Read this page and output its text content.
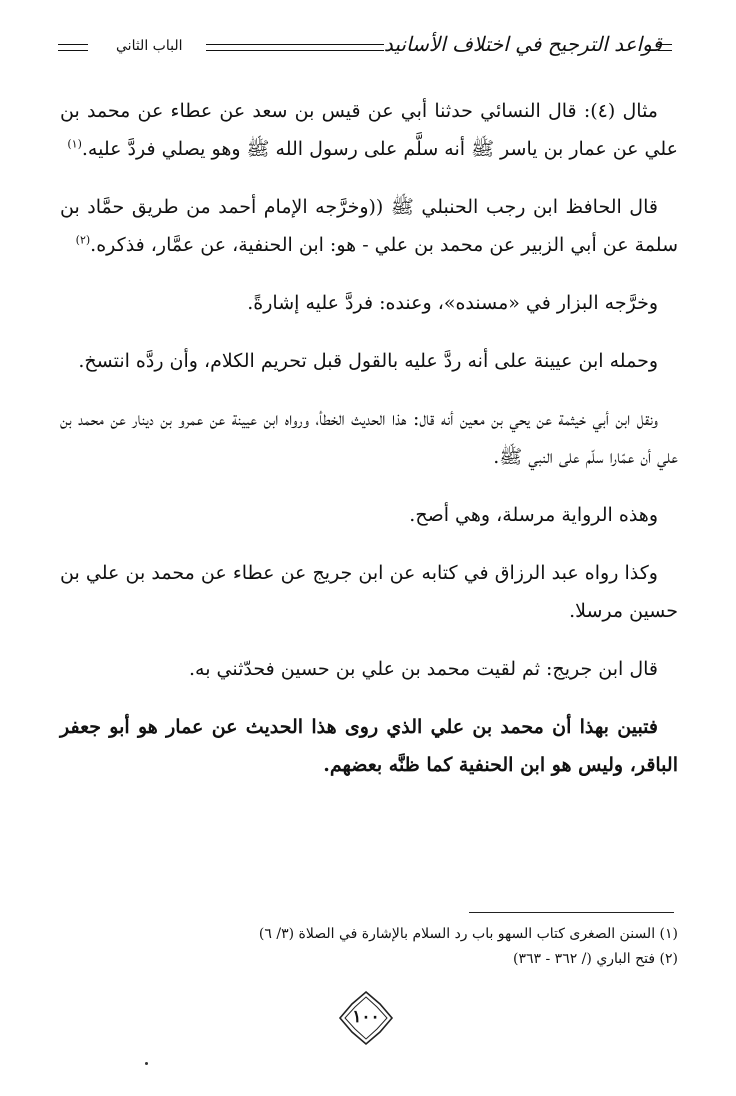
قواعد الترجيح في اختلاف الأسانيد
الباب الثاني

مثال (٤): قال النسائي حدثنا أبي عن قيس بن سعد عن عطاء عن محمد بن علي عن عمار بن ياسر ﷺ أنه سلَّم على رسول الله ﷺ وهو يصلي فردَّ عليه.$^{(١)}$

قال الحافظ ابن رجب الحنبلي ﷺ ((وخرَّجه الإمام أحمد من طريق حمَّاد بن سلمة عن أبي الزبير عن محمد بن علي - هو: ابن الحنفية، عن عمَّار، فذكره.$^{(٢)}$

وخرَّجه البزار في «مسنده»، وعنده: فردَّ عليه إشارةً.

وحمله ابن عيينة على أنه ردَّ عليه بالقول قبل تحريم الكلام، وأن ردَّه انتسخ.

ونقل ابن أبي خيثمة عن يحي بن معين أنه قال: هذا الحديث الخطأ، ورواه ابن عيينة عن عمرو بن دينار عن محمد بن علي أن عمّارا سلّم على النبي ﷺ.

وهذه الرواية مرسلة، وهي أصح.

وكذا رواه عبد الرزاق في كتابه عن ابن جريج عن عطاء عن محمد بن علي بن حسين مرسلا.

قال ابن جريج: ثم لقيت محمد بن علي بن حسين فحدّثني به.

فتبين بهذا أن محمد بن علي الذي روى هذا الحديث عن عمار هو أبو جعفر الباقر، وليس هو ابن الحنفية كما ظنَّه بعضهم.

(١) السنن الصغرى كتاب السهو باب رد السلام بالإشارة في الصلاة (٣/ ٦)

(٢) فتح الباري (/ ٣٦٢ - ٣٦٣)

١٠٠
